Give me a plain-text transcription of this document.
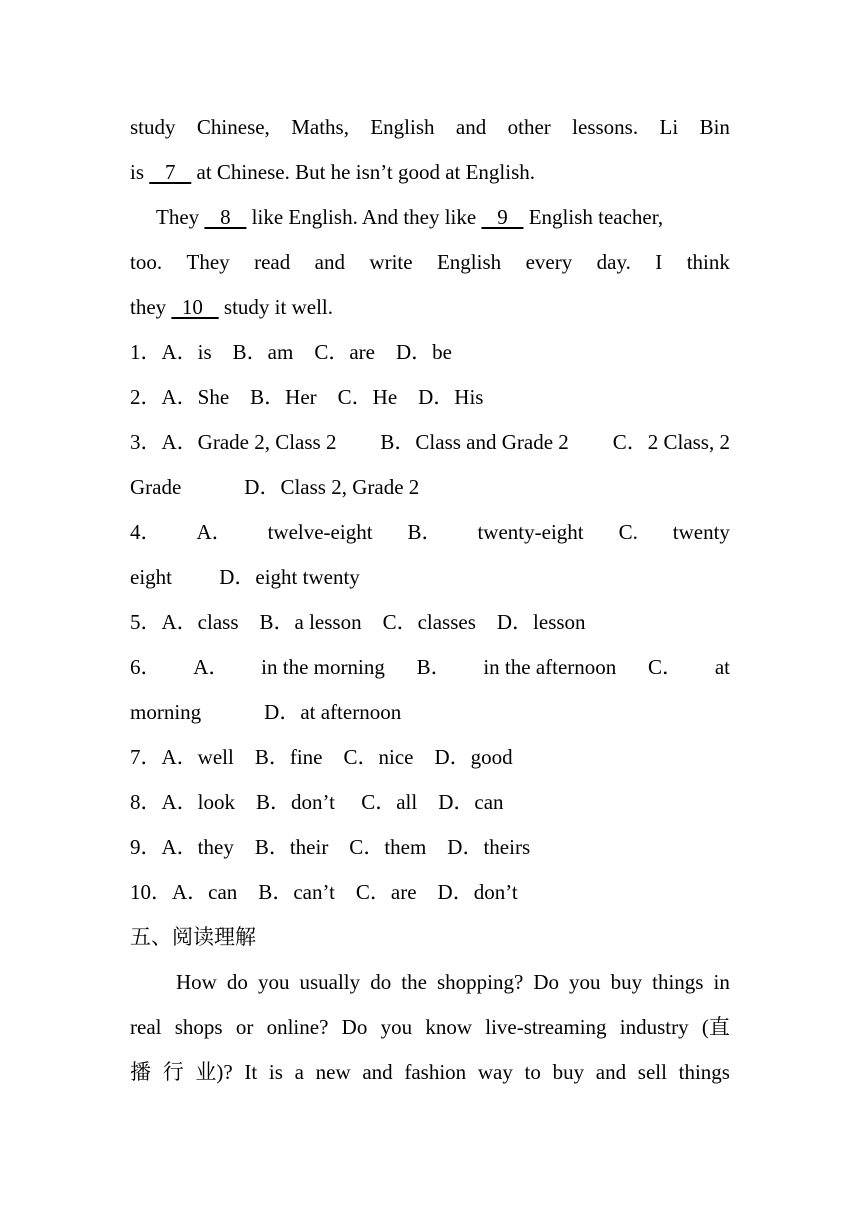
study Chinese, Maths, English and other lessons. Li Bin
is    7    at Chinese. But he isn’t good at English.
They    8    like English. And they like    9    English teacher,
too. They read and write English every day. I think
they   10    study it well.
1．A．is    B．am    C．are    D．be
2．A．She    B．Her    C．He    D．His
3．A．Grade 2, Class 2 B．Class and Grade 2 C．2 Class, 2
Grade            D．Class 2, Grade 2
4． A． twelve-eight B． twenty-eight C. twenty
eight         D．eight twenty
5．A．class    B．a lesson    C．classes    D．lesson
6． A． in the morning B． in the afternoon C． at
morning            D．at afternoon
7．A．well    B．fine    C．nice    D．good
8．A．look    B．don’t     C．all    D．can
9．A．they    B．their    C．them    D．theirs
10．A．can    B．can’t    C．are    D．don’t
五、阅读理解
How do you usually do the shopping? Do you buy things in
real shops or online? Do you know live-streaming industry (直
播 行 业)? It is a new and fashion way to buy and sell things
